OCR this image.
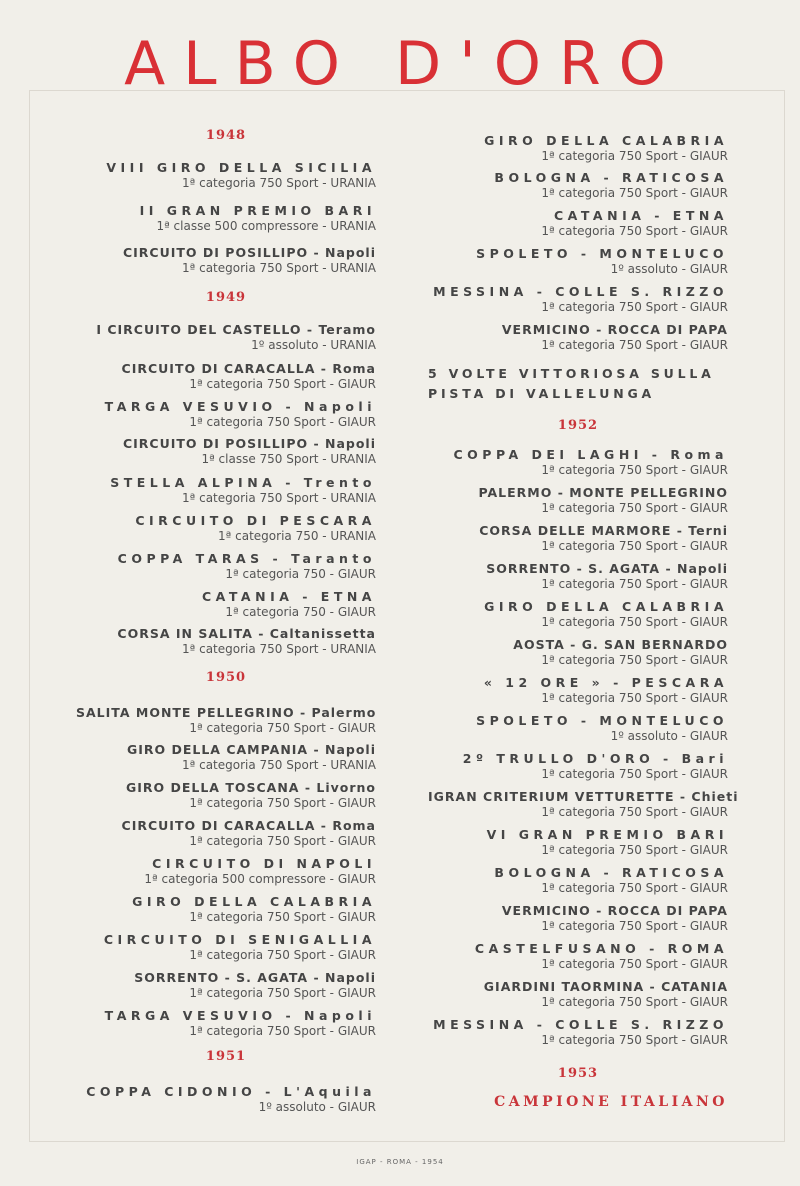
ALBO D'ORO
1948
VIII GIRO DELLA SICILIA
1ª categoria 750 Sport - URANIA
II GRAN PREMIO BARI
1ª classe 500 compressore - URANIA
CIRCUITO DI POSILLIPO - Napoli
1ª categoria 750 Sport - URANIA
1949
I CIRCUITO DEL CASTELLO - Teramo
1º assoluto - URANIA
CIRCUITO DI CARACALLA - Roma
1ª categoria 750 Sport - GIAUR
TARGA VESUVIO - Napoli
1ª categoria 750 Sport - GIAUR
CIRCUITO DI POSILLIPO - Napoli
1ª classe 750 Sport - URANIA
STELLA ALPINA - Trento
1ª categoria 750 Sport - URANIA
CIRCUITO DI PESCARA
1ª categoria 750 - URANIA
COPPA TARAS - Taranto
1ª categoria 750 - GIAUR
CATANIA - ETNA
1ª categoria 750 - GIAUR
CORSA IN SALITA - Caltanissetta
1ª categoria 750 Sport - URANIA
1950
SALITA MONTE PELLEGRINO - Palermo
1ª categoria 750 Sport - GIAUR
GIRO DELLA CAMPANIA - Napoli
1ª categoria 750 Sport - URANIA
GIRO DELLA TOSCANA - Livorno
1ª categoria 750 Sport - GIAUR
CIRCUITO DI CARACALLA - Roma
1ª categoria 750 Sport - GIAUR
CIRCUITO DI NAPOLI
1ª categoria 500 compressore - GIAUR
GIRO DELLA CALABRIA
1ª categoria 750 Sport - GIAUR
CIRCUITO DI SENIGALLIA
1ª categoria 750 Sport - GIAUR
SORRENTO - S. AGATA - Napoli
1ª categoria 750 Sport - GIAUR
TARGA VESUVIO - Napoli
1ª categoria 750 Sport - GIAUR
1951
COPPA CIDONIO - L'Aquila
1º assoluto - GIAUR
GIRO DELLA CALABRIA
1ª categoria 750 Sport - GIAUR
BOLOGNA - RATICOSA
1ª categoria 750 Sport - GIAUR
CATANIA - ETNA
1ª categoria 750 Sport - GIAUR
SPOLETO - MONTELUCO
1º assoluto - GIAUR
MESSINA - COLLE S. RIZZO
1ª categoria 750 Sport - GIAUR
VERMICINO - ROCCA DI PAPA
1ª categoria 750 Sport - GIAUR
5 VOLTE VITTORIOSA SULLA
PISTA DI VALLELUNGA
1952
COPPA DEI LAGHI - Roma
1ª categoria 750 Sport - GIAUR
PALERMO - MONTE PELLEGRINO
1ª categoria 750 Sport - GIAUR
CORSA DELLE MARMORE - Terni
1ª categoria 750 Sport - GIAUR
SORRENTO - S. AGATA - Napoli
1ª categoria 750 Sport - GIAUR
GIRO DELLA CALABRIA
1ª categoria 750 Sport - GIAUR
AOSTA - G. SAN BERNARDO
1ª categoria 750 Sport - GIAUR
« 12 ORE » - PESCARA
1ª categoria 750 Sport - GIAUR
SPOLETO - MONTELUCO
1º assoluto - GIAUR
2º TRULLO D'ORO - Bari
1ª categoria 750 Sport - GIAUR
IGRAN CRITERIUM VETTURETTE - Chieti
1ª categoria 750 Sport - GIAUR
VI GRAN PREMIO BARI
1ª categoria 750 Sport - GIAUR
BOLOGNA - RATICOSA
1ª categoria 750 Sport - GIAUR
VERMICINO - ROCCA DI PAPA
1ª categoria 750 Sport - GIAUR
CASTELFUSANO - ROMA
1ª categoria 750 Sport - GIAUR
GIARDINI TAORMINA - CATANIA
1ª categoria 750 Sport - GIAUR
MESSINA - COLLE S. RIZZO
1ª categoria 750 Sport - GIAUR
1953
CAMPIONE ITALIANO
IGAP - ROMA - 1954
